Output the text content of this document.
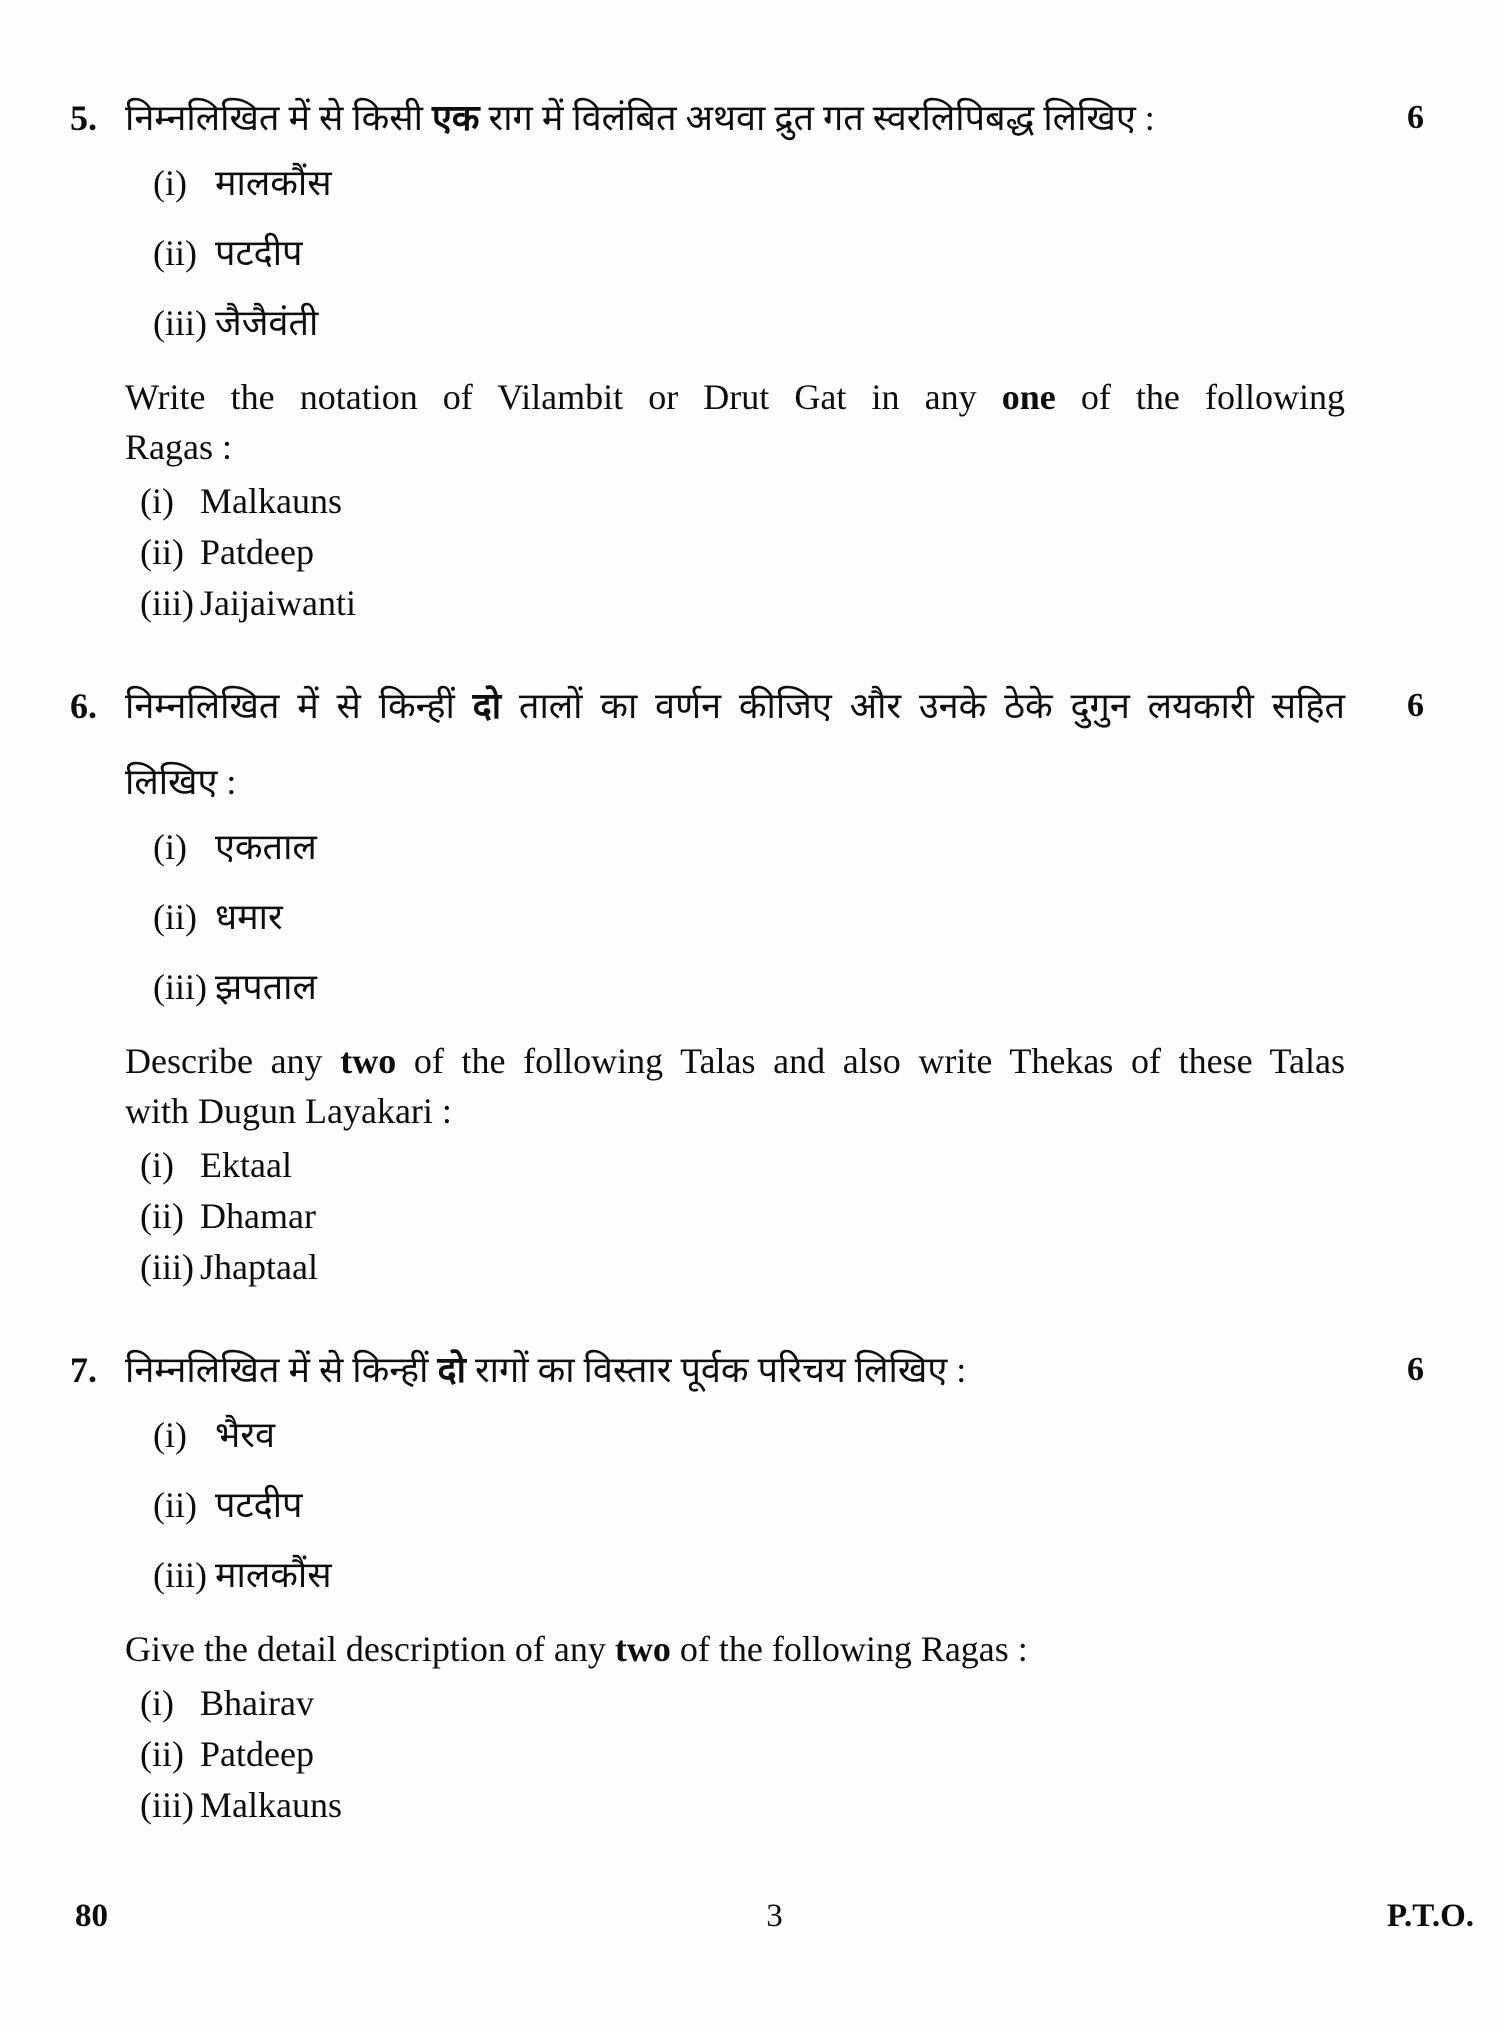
5. निम्नलिखित में से किसी एक राग में विलंबित अथवा द्रुत गत स्वरलिपिबद्ध लिखिए :	6
(i) मालकौंस
(ii) पटदीप
(iii) जैजैवंती

Write the notation of Vilambit or Drut Gat in any one of the following
Ragas :

(i) Malkauns
(ii) Patdeep
(iii) Jaijaiwanti
6. निम्नलिखित में से किन्हीं दो तालों का वर्णन कीजिए और उनके ठेके दुगुन लयकारी सहित
लिखिए :

6
(i) एकताल
(ii) धमार
(iii) झपताल

Describe any two of the following Talas and also write Thekas of these Talas
with Dugun Layakari :

(i) Ektaal
(ii) Dhamar
(iii) Jhaptaal
7. निम्नलिखित में से किन्हीं दो रागों का विस्तार पूर्वक परिचय लिखिए :	6
(i) भैरव
(ii) पटदीप
(iii) मालकौंस

Give the detail description of any two of the following Ragas :

(i) Bhairav
(ii) Patdeep
(iii) Malkauns
80	3	P.T.O.
